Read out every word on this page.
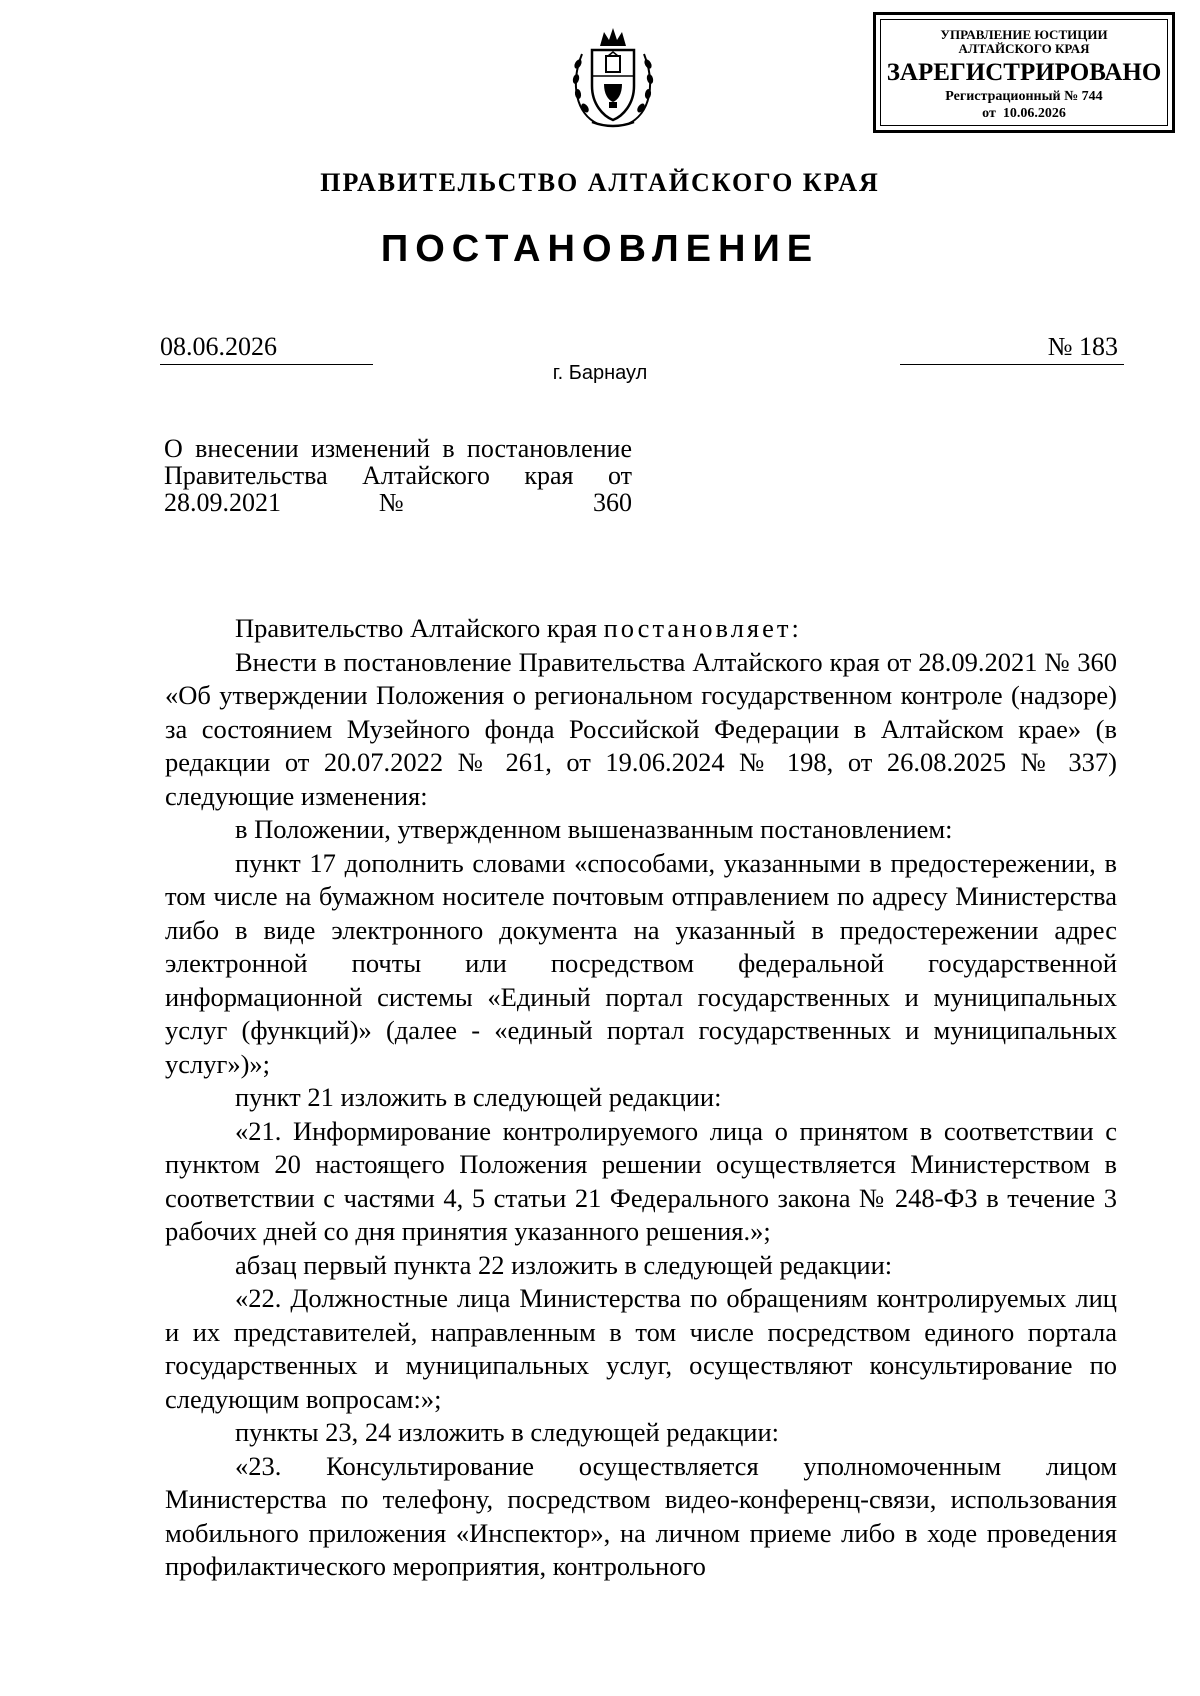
УПРАВЛЕНИЕ ЮСТИЦИИ
АЛТАЙСКОГО КРАЯ
ЗАРЕГИСТРИРОВАНО
Регистрационный № 744
от  10.06.2026
ПРАВИТЕЛЬСТВО АЛТАЙСКОГО КРАЯ
ПОСТАНОВЛЕНИЕ
08.06.2026	№ 183
г. Барнаул
О внесении изменений в постановление Правительства Алтайского края от 28.09.2021 № 360

Правительство Алтайского края постановляет:

Внести в постановление Правительства Алтайского края от 28.09.2021 № 360 «Об утверждении Положения о региональном государственном контроле (надзоре) за состоянием Музейного фонда Российской Федерации в Алтайском крае» (в редакции от 20.07.2022 № 261, от 19.06.2024 № 198, от 26.08.2025 № 337) следующие изменения:

в Положении, утвержденном вышеназванным постановлением:

пункт 17 дополнить словами «способами, указанными в предостережении, в том числе на бумажном носителе почтовым отправлением по адресу Министерства либо в виде электронного документа на указанный в предостережении адрес электронной почты или посредством федеральной государственной информационной системы «Единый портал государственных и муниципальных услуг (функций)» (далее - «единый портал государственных и муниципальных услуг»)»;

пункт 21 изложить в следующей редакции:

«21. Информирование контролируемого лица о принятом в соответствии с пунктом 20 настоящего Положения решении осуществляется Министерством в соответствии с частями 4, 5 статьи 21 Федерального закона № 248-ФЗ в течение 3 рабочих дней со дня принятия указанного решения.»;

абзац первый пункта 22 изложить в следующей редакции:

«22. Должностные лица Министерства по обращениям контролируемых лиц и их представителей, направленным в том числе посредством единого портала государственных и муниципальных услуг, осуществляют консультирование по следующим вопросам:»;

пункты 23, 24 изложить в следующей редакции:

«23. Консультирование осуществляется уполномоченным лицом Министерства по телефону, посредством видео-конференц-связи, использования мобильного приложения «Инспектор», на личном приеме либо в ходе проведения профилактического мероприятия, контрольного
